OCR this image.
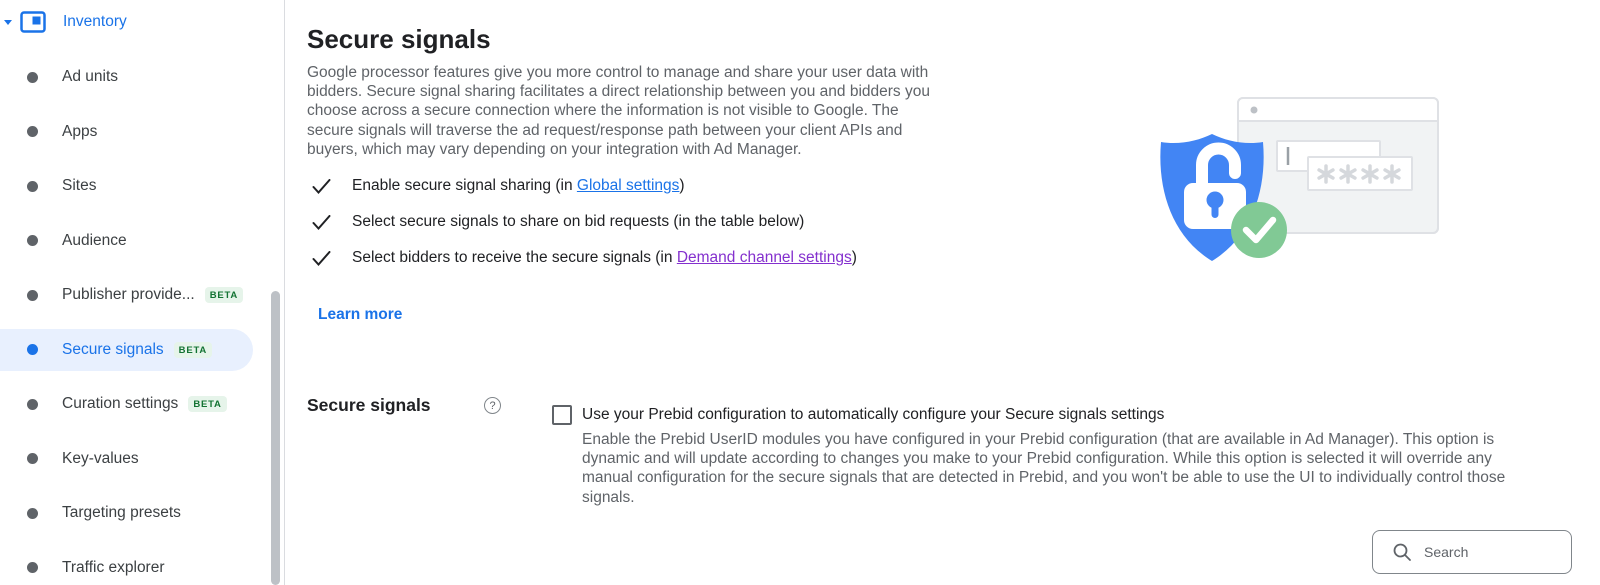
Inventory
Ad units
Apps
Sites
Audience
Publisher provide...	BETA
Secure signals	BETA
Curation settings	BETA
Key-values
Targeting presets
Traffic explorer
Secure signals

Google processor features give you more control to manage and share your user data with bidders. Secure signal sharing facilitates a direct relationship between you and bidders you choose across a secure connection where the information is not visible to Google. The secure signals will traverse the ad request/response path between your client APIs and buyers, which may vary depending on your integration with Ad Manager.

Enable secure signal sharing (in Global settings)
Select secure signals to share on bid requests (in the table below)
Select bidders to receive the secure signals (in Demand channel settings)
Learn more
Secure signals
?	Use your Prebid configuration to automatically configure your Secure signals settings

Enable the Prebid UserID modules you have configured in your Prebid configuration (that are available in Ad Manager). This option is dynamic and will update according to changes you make to your Prebid configuration. While this option is selected it will override any manual configuration for the secure signals that are detected in Prebid, and you won't be able to use the UI to individually control those signals.

Search
